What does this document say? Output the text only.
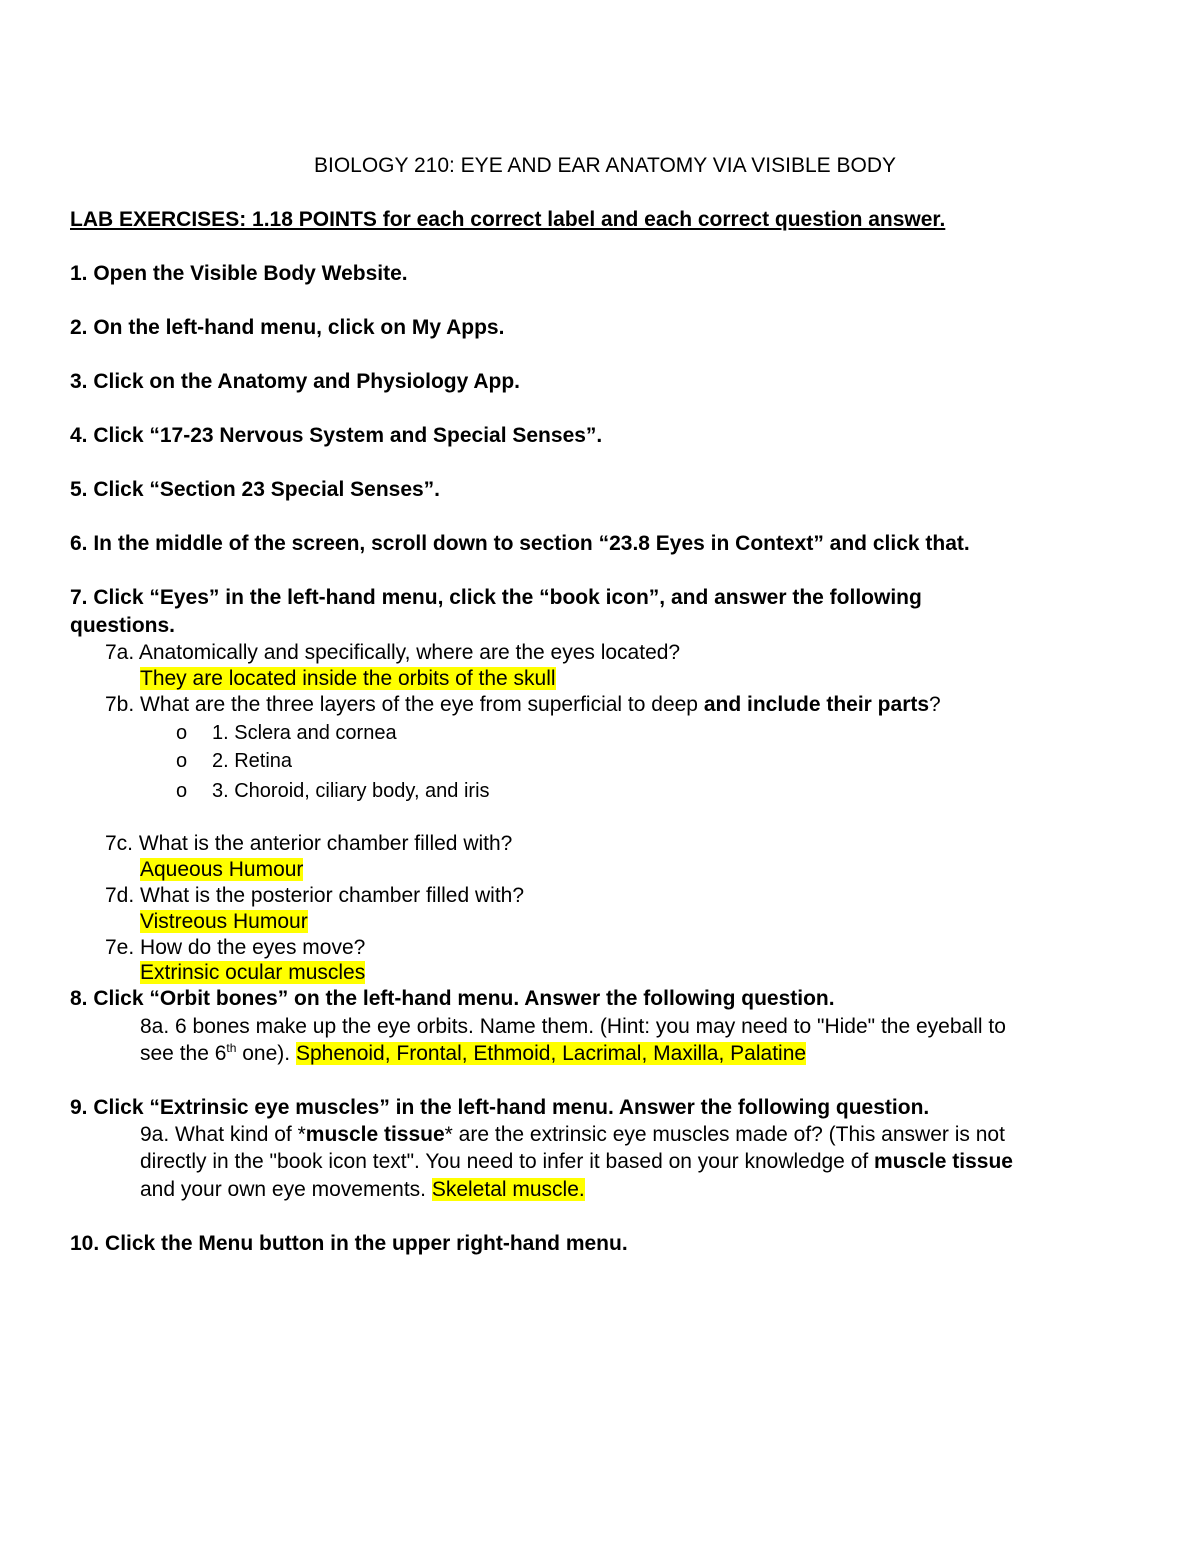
BIOLOGY 210: EYE AND EAR ANATOMY VIA VISIBLE BODY
LAB EXERCISES: 1.18 POINTS for each correct label and each correct question answer.
1. Open the Visible Body Website.
2. On the left-hand menu, click on My Apps.
3. Click on the Anatomy and Physiology App.
4. Click “17-23 Nervous System and Special Senses”.
5. Click “Section 23 Special Senses”.
6. In the middle of the screen, scroll down to section “23.8 Eyes in Context” and click that.
7. Click “Eyes” in the left-hand menu, click the “book icon”, and answer the following
questions.
7a. Anatomically and specifically, where are the eyes located?
They are located inside the orbits of the skull
7b. What are the three layers of the eye from superficial to deep and include their parts?
o 1. Sclera and cornea
o 2. Retina
o 3. Choroid, ciliary body, and iris
7c. What is the anterior chamber filled with?
Aqueous Humour
7d. What is the posterior chamber filled with?
Vistreous Humour
7e. How do the eyes move?
Extrinsic ocular muscles
8. Click “Orbit bones” on the left-hand menu. Answer the following question.
8a. 6 bones make up the eye orbits. Name them. (Hint: you may need to "Hide" the eyeball to
see the 6th one). Sphenoid, Frontal, Ethmoid, Lacrimal, Maxilla, Palatine
9. Click “Extrinsic eye muscles” in the left-hand menu. Answer the following question.
9a. What kind of *muscle tissue* are the extrinsic eye muscles made of? (This answer is not
directly in the "book icon text". You need to infer it based on your knowledge of muscle tissue
and your own eye movements. Skeletal muscle.
10. Click the Menu button in the upper right-hand menu.
